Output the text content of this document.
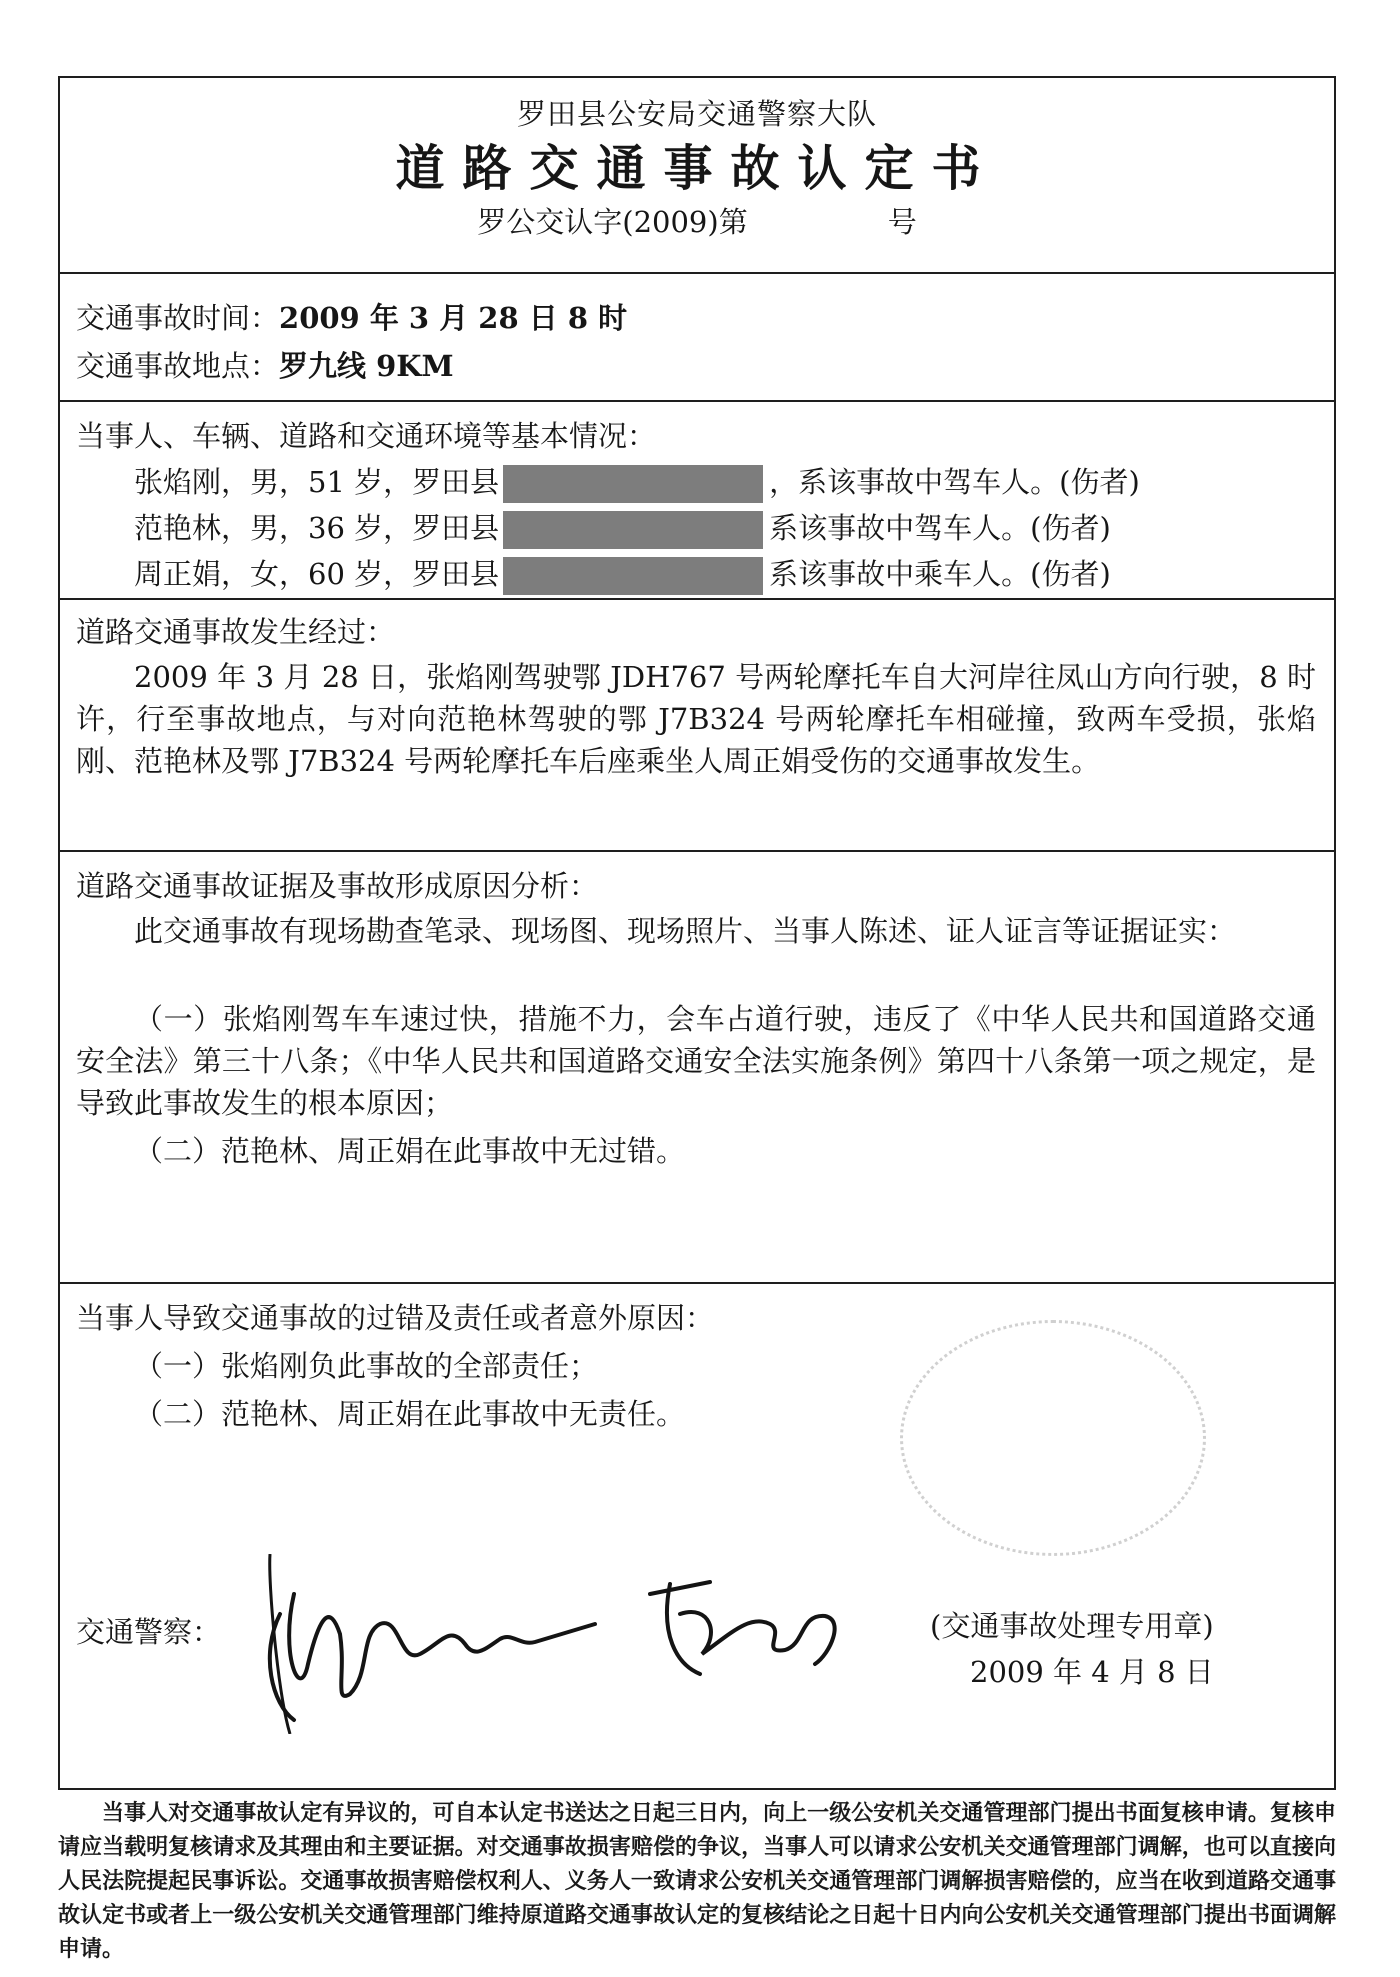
罗田县公安局交通警察大队
道路交通事故认定书
罗公交认字(2009)第	号
交通事故时间：2009 年 3 月 28 日 8 时
交通事故地点：罗九线 9KM
当事人、车辆、道路和交通环境等基本情况：
张焰刚，男，51 岁，罗田县	，系该事故中驾车人。(伤者)
范艳林，男，36 岁，罗田县	系该事故中驾车人。(伤者)
周正娟，女，60 岁，罗田县	系该事故中乘车人。(伤者)
道路交通事故发生经过：
2009 年 3 月 28 日，张焰刚驾驶鄂 JDH767 号两轮摩托车自大河岸往凤山方向行驶，8 时许，行至事故地点，与对向范艳林驾驶的鄂 J7B324 号两轮摩托车相碰撞，致两车受损，张焰刚、范艳林及鄂 J7B324 号两轮摩托车后座乘坐人周正娟受伤的交通事故发生。
道路交通事故证据及事故形成原因分析：
此交通事故有现场勘查笔录、现场图、现场照片、当事人陈述、证人证言等证据证实：
（一）张焰刚驾车车速过快，措施不力，会车占道行驶，违反了《中华人民共和国道路交通安全法》第三十八条；《中华人民共和国道路交通安全法实施条例》第四十八条第一项之规定，是导致此事故发生的根本原因；
（二）范艳林、周正娟在此事故中无过错。
当事人导致交通事故的过错及责任或者意外原因：
（一）张焰刚负此事故的全部责任；
（二）范艳林、周正娟在此事故中无责任。
交通警察：	(交通事故处理专用章)
2009 年 4 月 8 日
当事人对交通事故认定有异议的，可自本认定书送达之日起三日内，向上一级公安机关交通管理部门提出书面复核申请。复核申请应当载明复核请求及其理由和主要证据。对交通事故损害赔偿的争议，当事人可以请求公安机关交通管理部门调解，也可以直接向人民法院提起民事诉讼。交通事故损害赔偿权利人、义务人一致请求公安机关交通管理部门调解损害赔偿的，应当在收到道路交通事故认定书或者上一级公安机关交通管理部门维持原道路交通事故认定的复核结论之日起十日内向公安机关交通管理部门提出书面调解申请。
